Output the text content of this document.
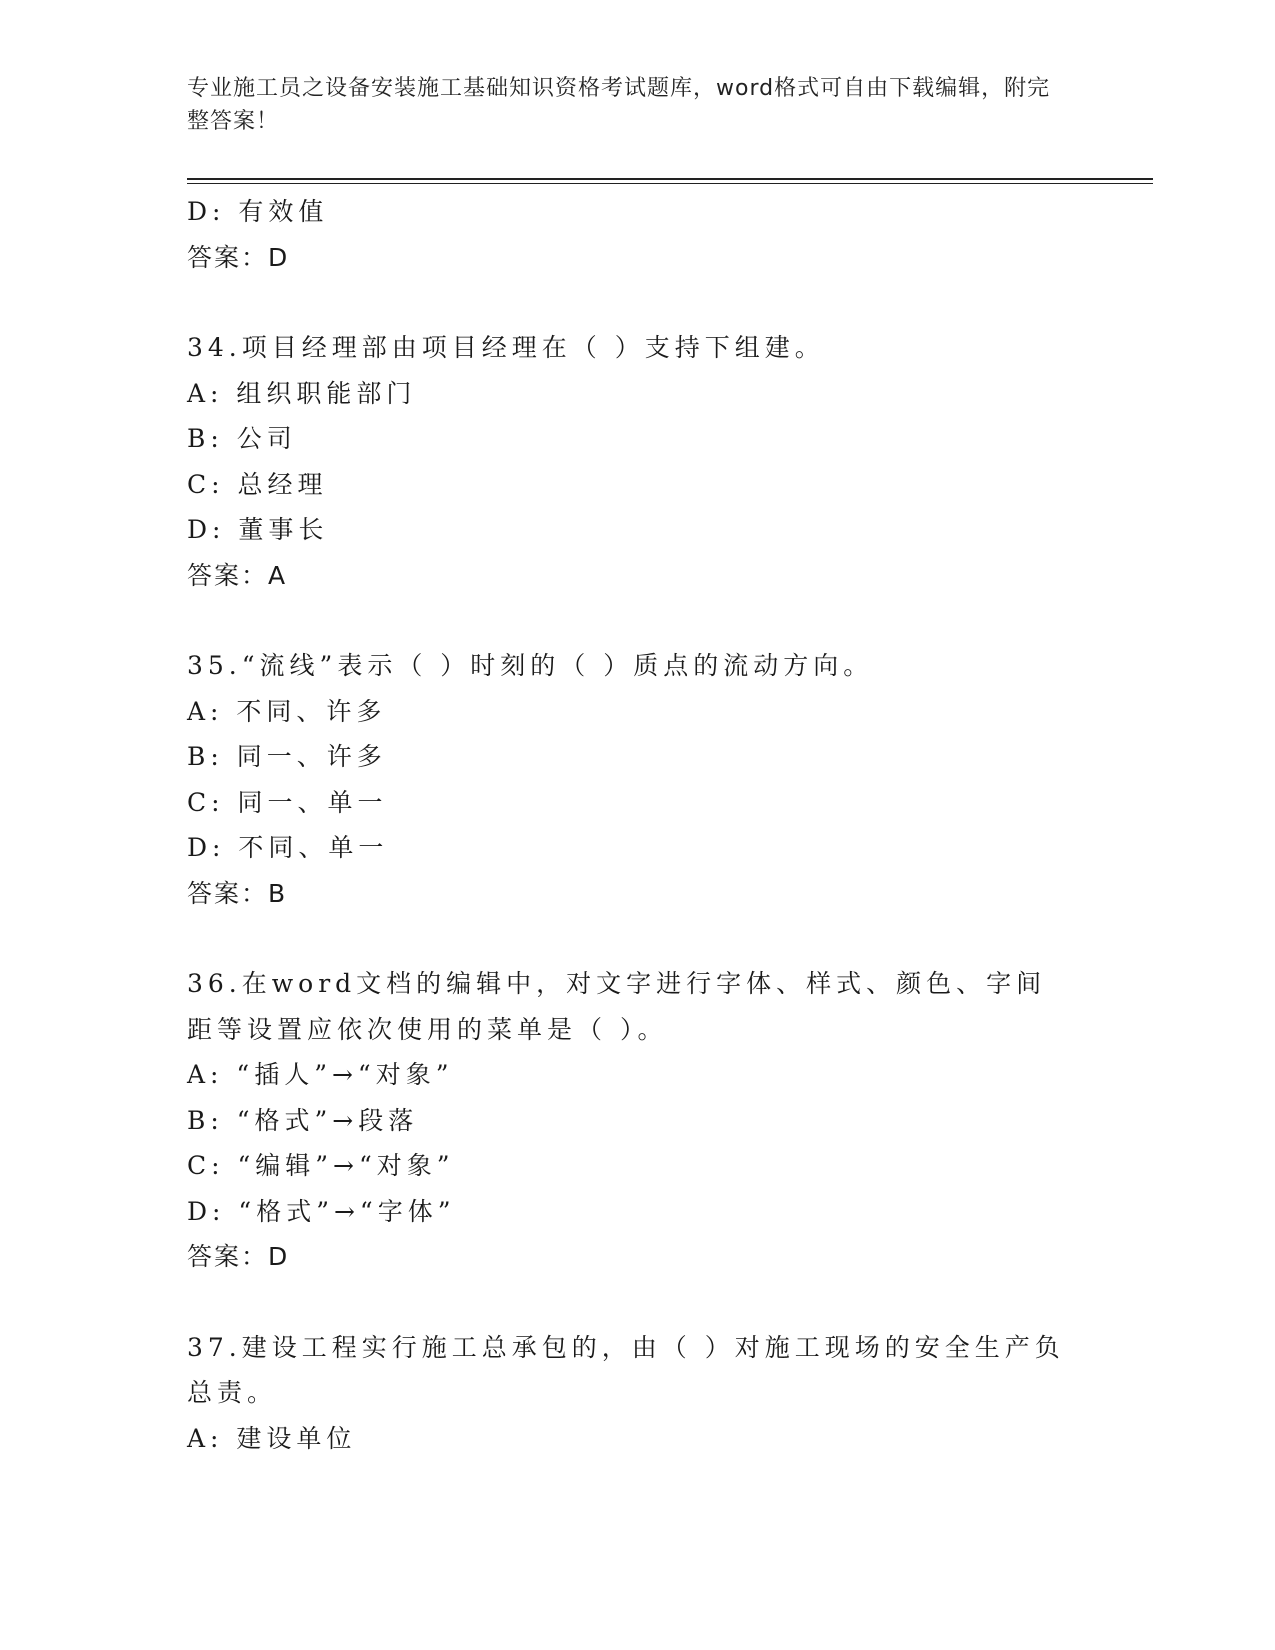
专业施工员之设备安装施工基础知识资格考试题库，word格式可自由下载编辑，附完整答案！
D: 有效值
答案：D
34.项目经理部由项目经理在（ ）支持下组建。
A: 组织职能部门
B: 公司
C: 总经理
D: 董事长
答案：A
35.“流线”表示（ ）时刻的（ ）质点的流动方向。
A: 不同、许多
B: 同一、许多
C: 同一、单一
D: 不同、单一
答案：B
36.在word文档的编辑中，对文字进行字体、样式、颜色、字间距等设置应依次使用的菜单是（ ）。
A: “插人”→“对象”
B: “格式”→段落
C: “编辑”→“对象”
D: “格式”→“字体”
答案：D
37.建设工程实行施工总承包的，由（ ）对施工现场的安全生产负总责。
A: 建设单位
